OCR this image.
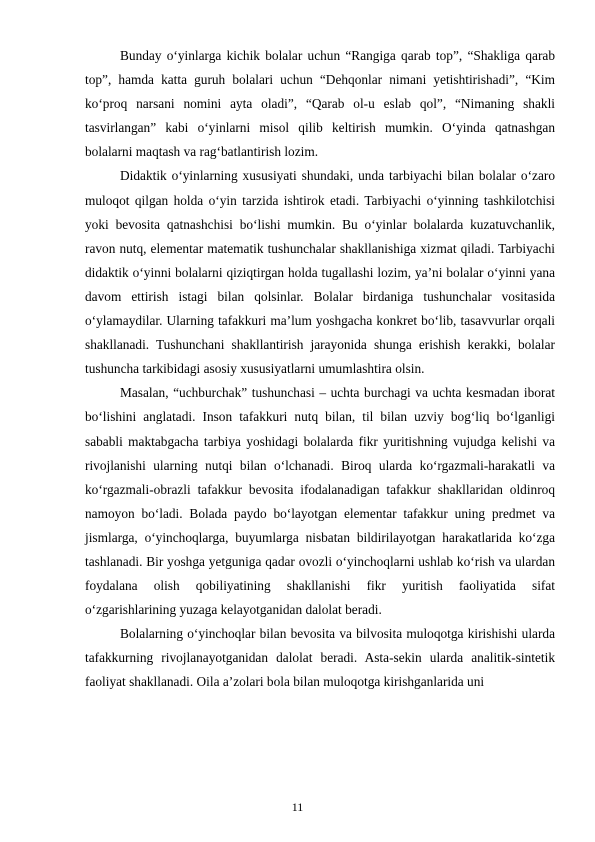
Bunday o‘yinlarga kichik bolalar uchun “Rangiga qarab top”, “Shakliga qarab top”, hamda katta guruh bolalari uchun “Dehqonlar nimani yetishtirishadi”, “Kim ko‘proq narsani nomini ayta oladi”, “Qarab ol-u eslab qol”, “Nimaning shakli tasvirlangan” kabi o‘yinlarni misol qilib keltirish mumkin. O‘yinda qatnashgan bolalarni maqtash va rag‘batlantirish lozim.

Didaktik o‘yinlarning xususiyati shundaki, unda tarbiyachi bilan bolalar o‘zaro muloqot qilgan holda o‘yin tarzida ishtirok etadi. Tarbiyachi o‘yinning tashkilotchisi yoki bevosita qatnashchisi bo‘lishi mumkin. Bu o‘yinlar bolalarda kuzatuvchanlik, ravon nutq, elementar matematik tushunchalar shakllanishiga xizmat qiladi. Tarbiyachi didaktik o‘yinni bolalarni qiziqtirgan holda tugallashi lozim, ya’ni bolalar o‘yinni yana davom ettirish istagi bilan qolsinlar. Bolalar birdaniga tushunchalar vositasida o‘ylamaydilar. Ularning tafakkuri ma’lum yoshgacha konkret bo‘lib, tasavvurlar orqali shakllanadi. Tushunchani shakllantirish jarayonida shunga erishish kerakki, bolalar tushuncha tarkibidagi asosiy xususiyatlarni umumlashtira olsin.

Masalan, “uchburchak” tushunchasi – uchta burchagi va uchta kesmadan iborat bo‘lishini anglatadi. Inson tafakkuri nutq bilan, til bilan uzviy bog‘liq bo‘lganligi sababli maktabgacha tarbiya yoshidagi bolalarda fikr yuritishning vujudga kelishi va rivojlanishi ularning nutqi bilan o‘lchanadi. Biroq ularda ko‘rgazmali-harakatli va ko‘rgazmali-obrazli tafakkur bevosita ifodalanadigan tafakkur shakllaridan oldinroq namoyon bo‘ladi. Bolada paydo bo‘layotgan elementar tafakkur uning predmet va jismlarga, o‘yinchoqlarga, buyumlarga nisbatan bildirilayotgan harakatlarida ko‘zga tashlanadi. Bir yoshga yetguniga qadar ovozli o‘yinchoqlarni ushlab ko‘rish va ulardan foydalana olish qobiliyatining shakllanishi fikr yuritish faoliyatida sifat o‘zgarishlarining yuzaga kelayotganidan dalolat beradi.

Bolalarning o‘yinchoqlar bilan bevosita va bilvosita muloqotga kirishishi ularda tafakkurning rivojlanayotganidan dalolat beradi. Asta-sekin ularda analitik-sintetik faoliyat shakllanadi. Oila a’zolari bola bilan muloqotga kirishganlarida uni

11
